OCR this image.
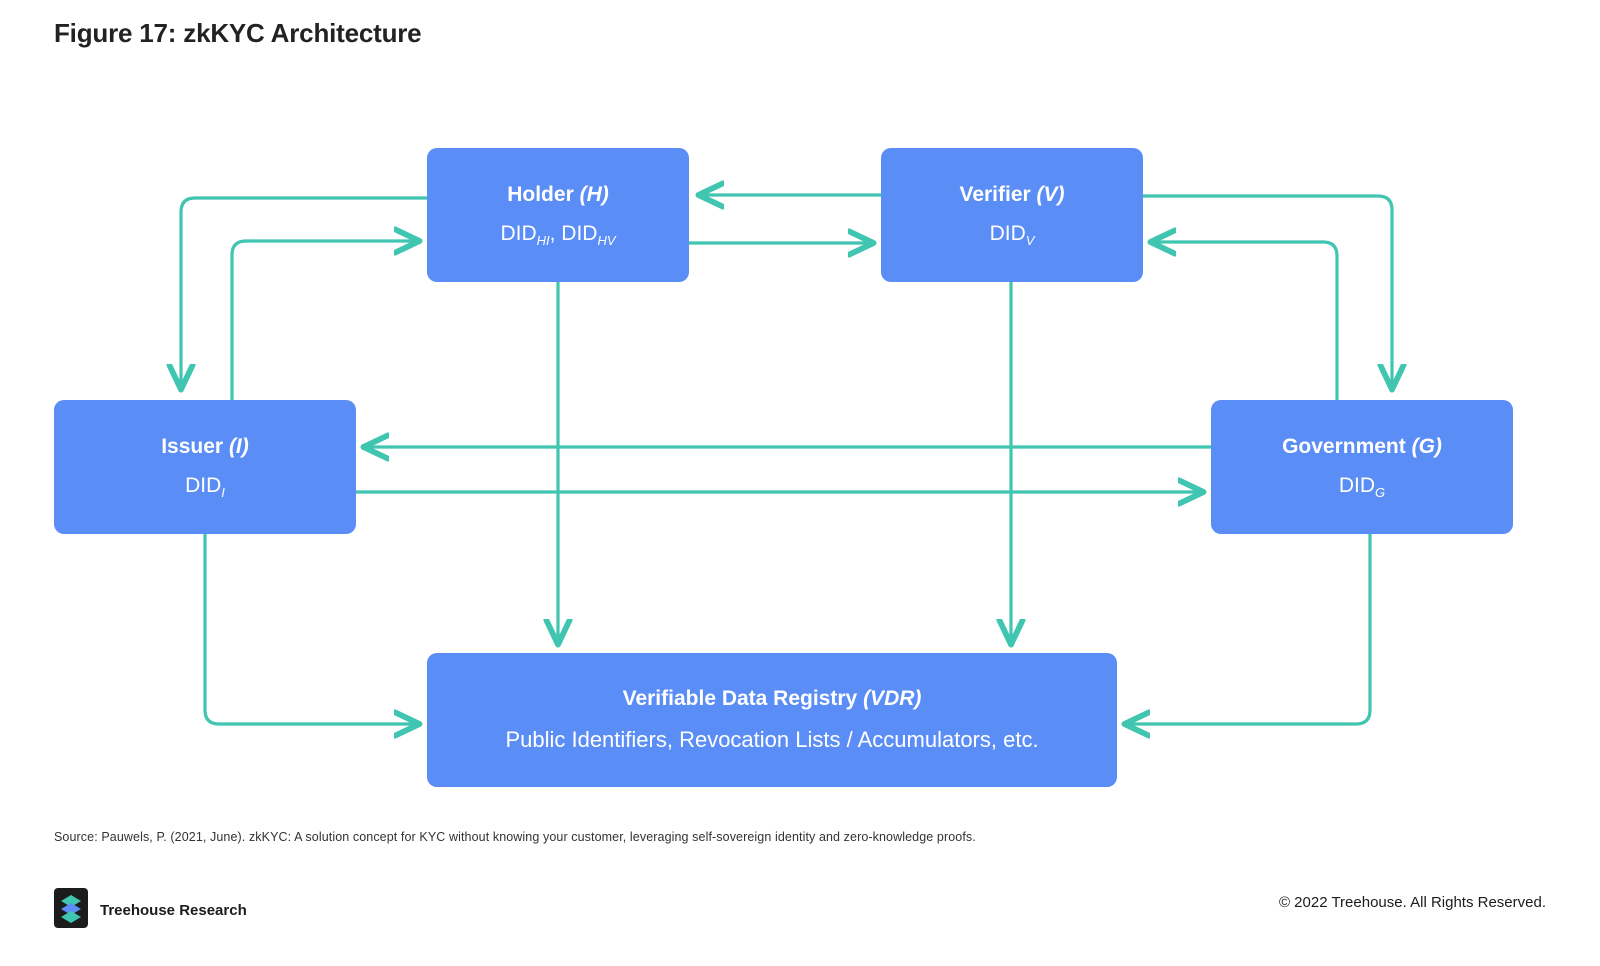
Figure 17: zkKYC Architecture
Holder (H)
$DID_{HI}$, $DID_{HV}$
Verifier (V)
$DID_V$
Issuer (I)
$DID_I$
Government (G)
$DID_G$
Verifiable Data Registry (VDR)
Public Identifiers, Revocation Lists / Accumulators, etc.
Source: Pauwels, P. (2021, June). zkKYC: A solution concept for KYC without knowing your customer, leveraging self-sovereign identity and zero-knowledge proofs.
Treehouse Research	© 2022 Treehouse. All Rights Reserved.
